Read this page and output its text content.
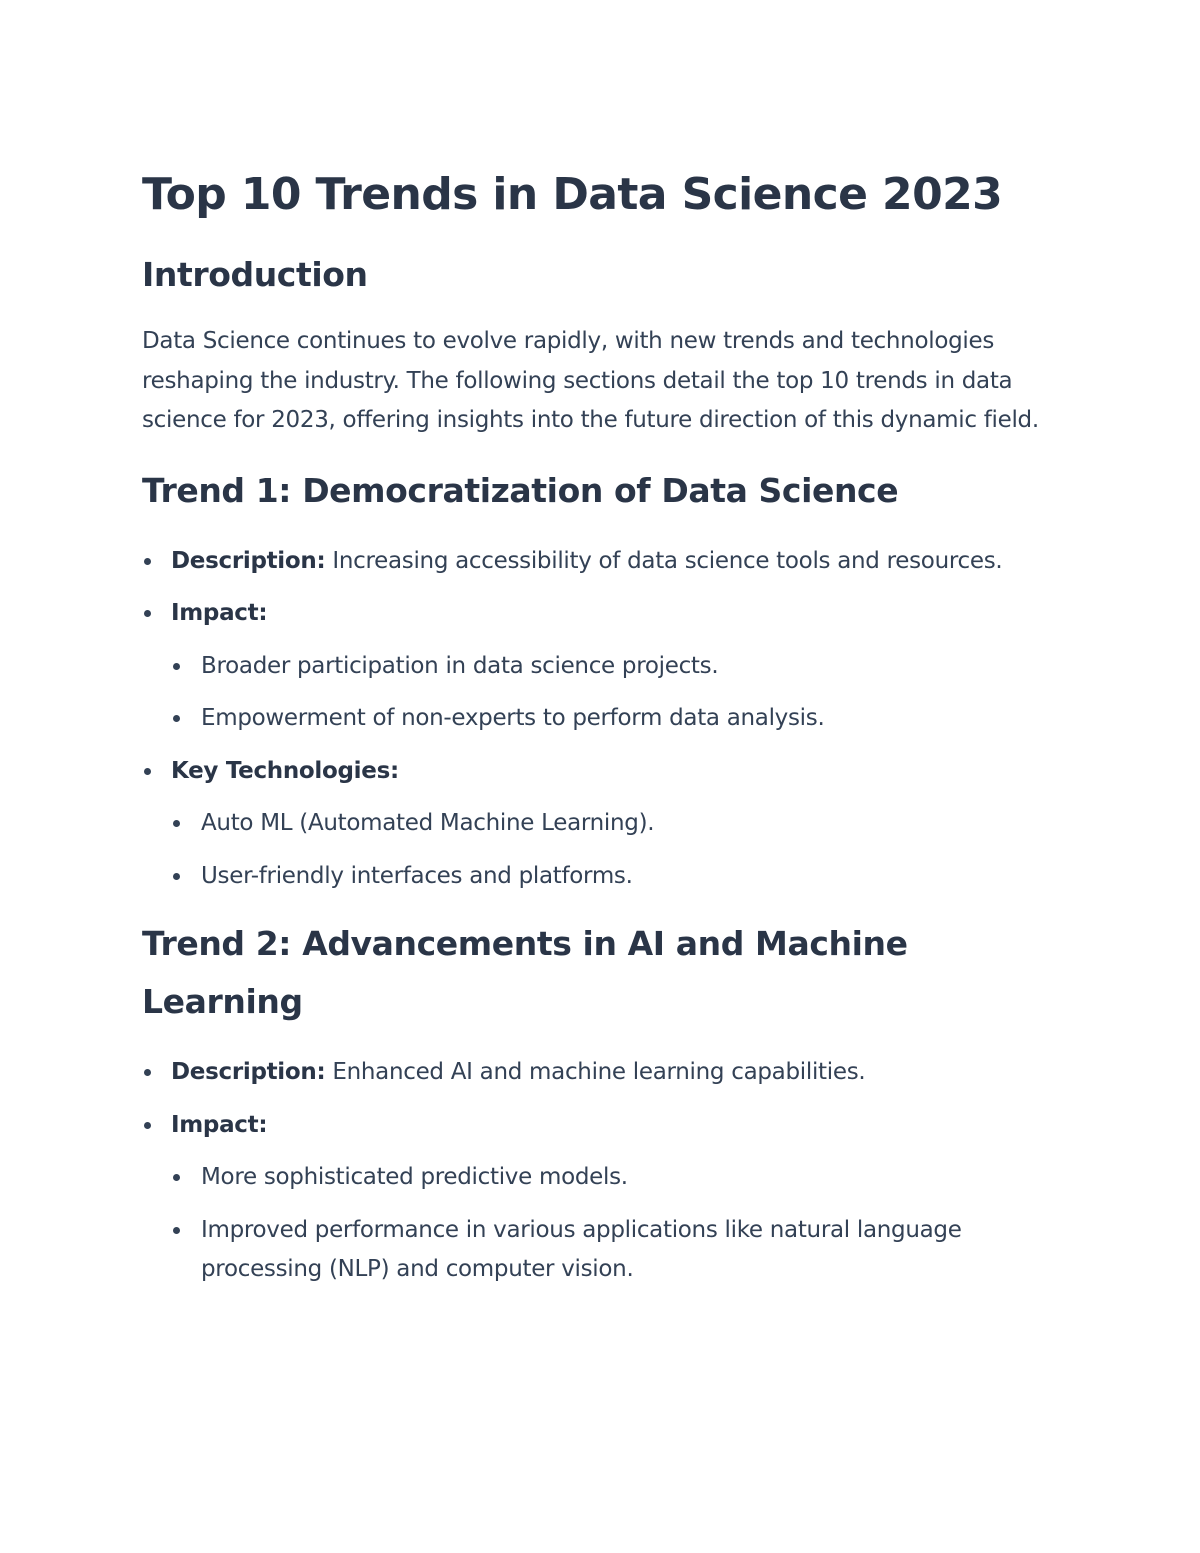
Top 10 Trends in Data Science 2023
Introduction

Data Science continues to evolve rapidly, with new trends and technologies reshaping the industry. The following sections detail the top 10 trends in data science for 2023, offering insights into the future direction of this dynamic field.

Trend 1: Democratization of Data Science
Description: Increasing accessibility of data science tools and resources.
Impact:
Broader participation in data science projects.
Empowerment of non-experts to perform data analysis.
Key Technologies:
Auto ML (Automated Machine Learning).
User-friendly interfaces and platforms.
Trend 2: Advancements in AI and Machine Learning
Description: Enhanced AI and machine learning capabilities.
Impact:
More sophisticated predictive models.
Improved performance in various applications like natural language processing (NLP) and computer vision.
